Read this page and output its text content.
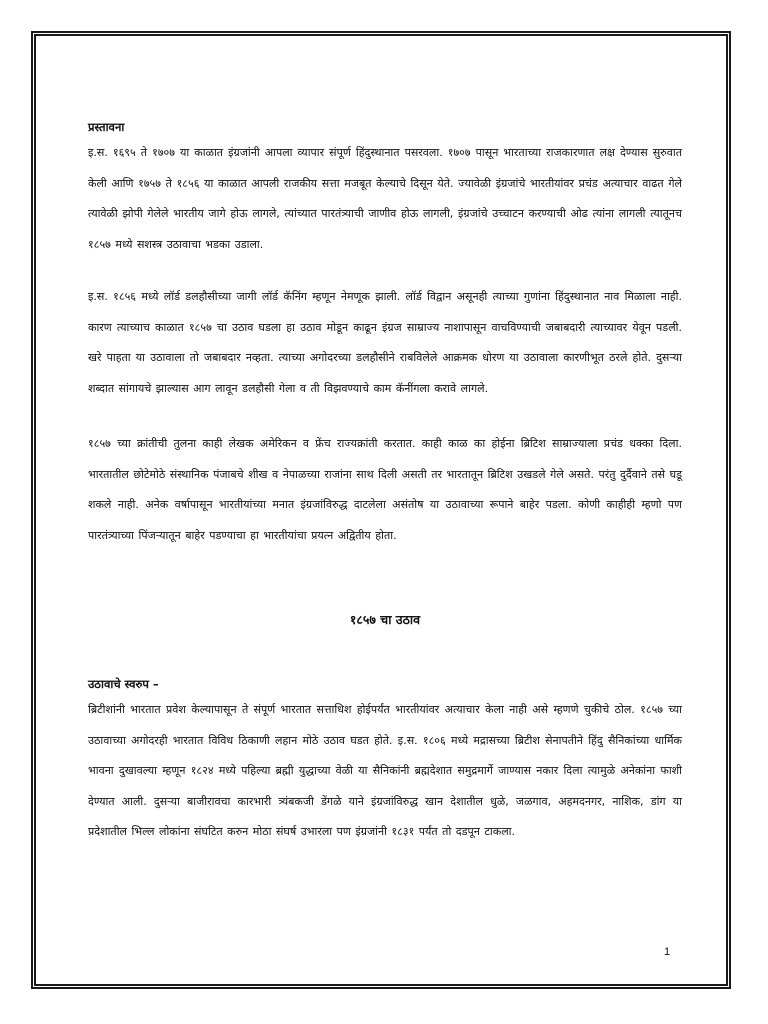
प्रस्तावना

इ.स. १६९५ ते १७०७ या काळात इंग्रजांनी आपला व्यापार संपूर्ण हिंदुस्थानात पसरवला. १७०७ पासून भारताच्या राजकारणात लक्ष देण्यास सुरुवात केली आणि १७५७ ते १८५६ या काळात आपली राजकीय सत्ता मजबूत केल्याचे दिसून येते. ज्यावेळी इंग्रजांचे भारतीयांवर प्रचंड अत्याचार वाढत गेले त्यावेळी झोपी गेलेले भारतीय जागे होऊ लागले, त्यांच्यात पारतंत्र्याची जाणीव होऊ लागली, इंग्रजांचे उच्चाटन करण्याची ओढ त्यांना लागली त्यातूनच १८५७ मध्ये सशस्त्र उठावाचा भडका उडाला.

इ.स. १८५६ मध्ये लॉर्ड डलहौसीच्या जागी लॉर्ड कॅनिंग म्हणून नेमणूक झाली. लॉर्ड विद्वान असूनही त्याच्या गुणांना हिंदुस्थानात नाव मिळाला नाही. कारण त्याच्याच काळात १८५७ चा उठाव घडला हा उठाव मोडून काढून इंग्रज साम्राज्य नाशापासून वाचविण्याची जबाबदारी त्याच्यावर येवून पडली. खरे पाहता या उठावाला तो जबाबदार नव्हता. त्याच्या अगोदरच्या डलहौसीने राबविलेले आक्रमक धोरण या उठावाला कारणीभूत ठरले होते. दुसऱ्या शब्दात सांगायचे झाल्यास आग लावून डलहौसी गेला व ती विझवण्याचे काम कॅनींगला करावे लागले.

१८५७ च्या क्रांतीची तुलना काही लेखक अमेरिकन व फ्रेंच राज्यक्रांती करतात. काही काळ का होईना ब्रिटिश साम्राज्याला प्रचंड धक्का दिला. भारतातील छोटेमोठे संस्थानिक पंजाबचे शीख व नेपाळच्या राजांना साथ दिली असती तर भारतातून ब्रिटिश उखडले गेले असते. परंतु दुर्दैवाने तसे घडू शकले नाही. अनेक वर्षापासून भारतीयांच्या मनात इंग्रजांविरुद्ध दाटलेला असंतोष या उठावाच्या रूपाने बाहेर पडला. कोणी काहीही म्हणो पण पारतंत्र्याच्या पिंजऱ्यातून बाहेर पडण्याचा हा भारतीयांचा प्रयत्न अद्वितीय होता.

१८५७ चा उठाव
उठावाचे स्वरुप –

ब्रिटीशांनी भारतात प्रवेश केल्यापासून ते संपूर्ण भारतात सत्ताधिश होईपर्यंत भारतीयांवर अत्याचार केला नाही असे म्हणणे चुकीचे ठोल. १८५७ च्या उठावाच्या अगोदरही भारतात विविध ठिकाणी लहान मोठे उठाव घडत होते. इ.स. १८०६ मध्ये मद्रासच्या ब्रिटीश सेनापतीने हिंदु सैनिकांच्या धार्मिक भावना दुखावल्या म्हणून १८२४ मध्ये पहिल्या ब्रह्मी युद्धाच्या वेळी या सैनिकांनी ब्रह्मदेशात समुद्रमार्गे जाण्यास नकार दिला त्यामुळे अनेकांना फाशी देण्यात आली. दुसऱ्या बाजीरावचा कारभारी त्र्यंबकजी डेंगळे याने इंग्रजांविरुद्ध खान देशातील धुळे, जळगाव, अहमदनगर, नाशिक, डांग या प्रदेशातील भिल्ल लोकांना संघटित करुन मोठा संघर्ष उभारला पण इंग्रजांनी १८३१ पर्यंत तो दडपून टाकला.

1
